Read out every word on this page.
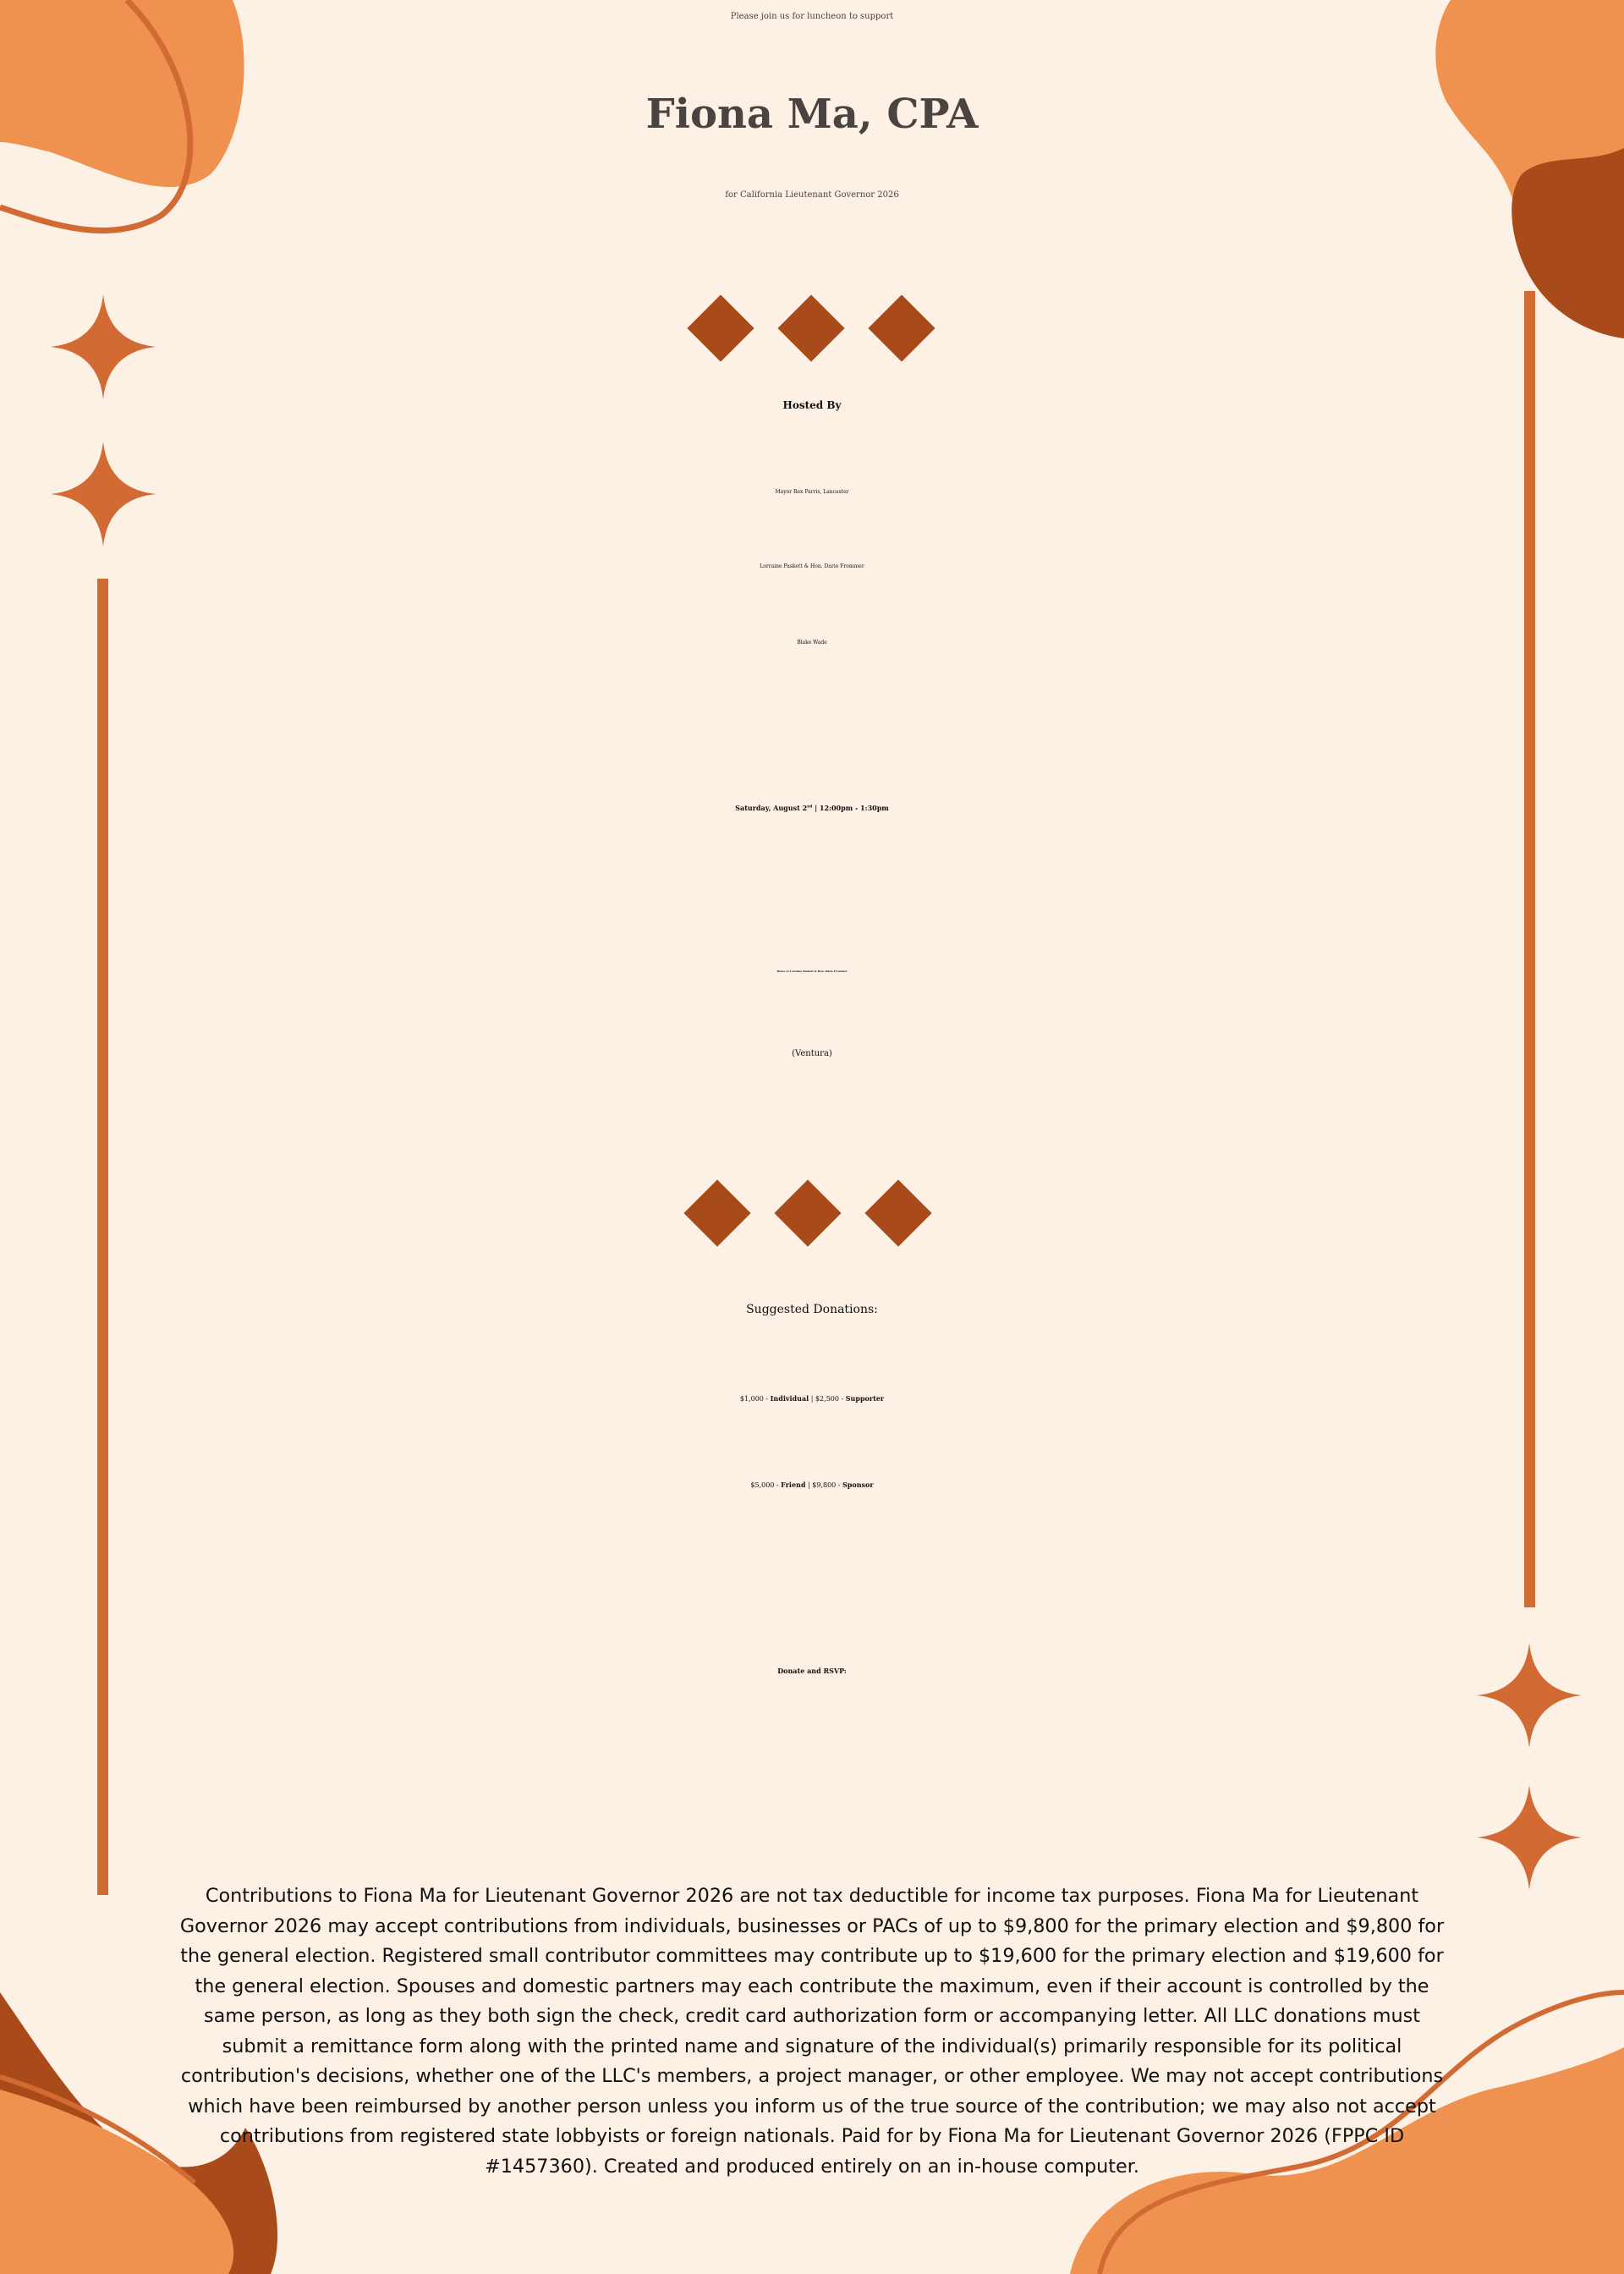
Please join us for luncheon to support
Fiona Ma, CPA
for California Lieutenant Governor 2026
Hosted By
Mayor Rex Parris, Lancaster
Lorraine Paskett & Hon. Dario Frommer
Blake Wade
Saturday, August 2nd | 12:00pm - 1:30pm
Home of Lorraine Paskett & Hon. Dario Frommer
(Ventura)
Suggested Donations:
$1,000 - Individual | $2,500 - Supporter
$5,000 - Friend | $9,800 - Sponsor
Donate and RSVP:

Contributions to Fiona Ma for Lieutenant Governor 2026 are not tax deductible for income tax purposes. Fiona Ma for Lieutenant Governor 2026 may accept contributions from individuals, businesses or PACs of up to $9,800 for the primary election and $9,800 for the general election. Registered small contributor committees may contribute up to $19,600 for the primary election and $19,600 for the general election. Spouses and domestic partners may each contribute the maximum, even if their account is controlled by the same person, as long as they both sign the check, credit card authorization form or accompanying letter. All LLC donations must submit a remittance form along with the printed name and signature of the individual(s) primarily responsible for its political contribution's decisions, whether one of the LLC's members, a project manager, or other employee. We may not accept contributions which have been reimbursed by another person unless you inform us of the true source of the contribution; we may also not accept contributions from registered state lobbyists or foreign nationals. Paid for by Fiona Ma for Lieutenant Governor 2026 (FPPC ID #1457360). Created and produced entirely on an in-house computer.
